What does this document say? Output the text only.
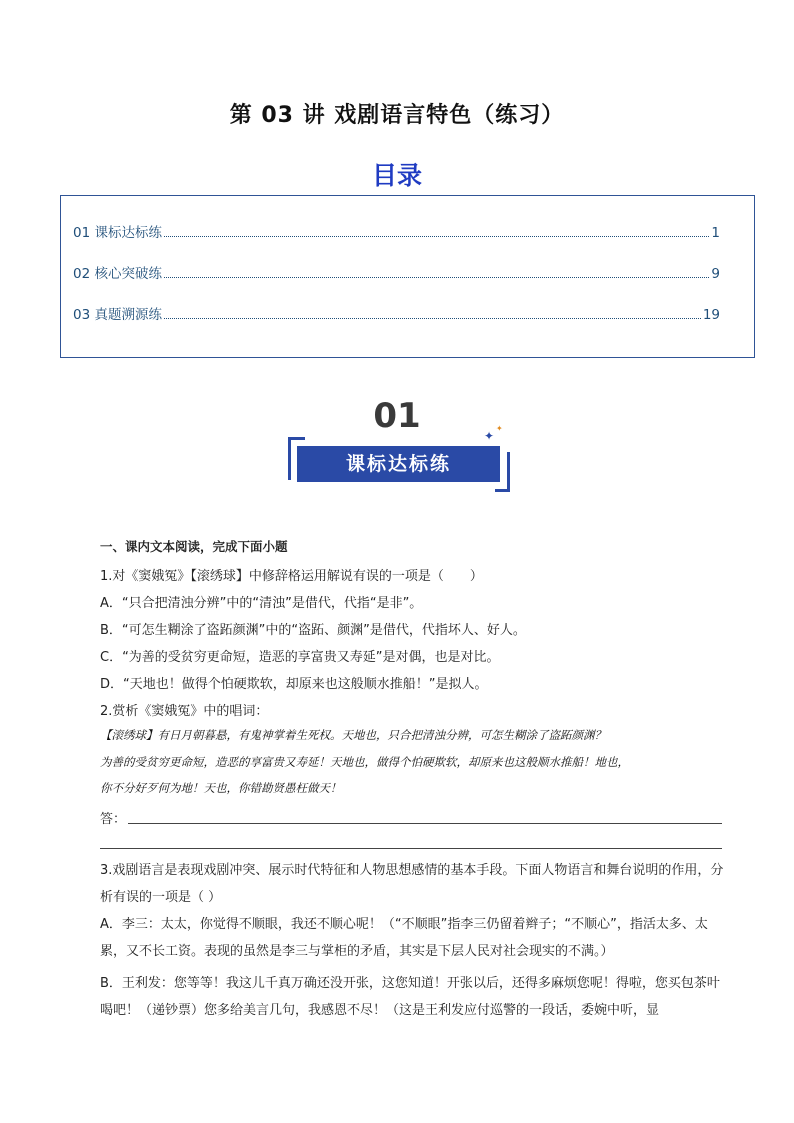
第 03 讲 戏剧语言特色（练习）
目录
01 课标达标练	1
02 核心突破练	9
03 真题溯源练	19
01	✦
✦
课标达标练
一、课内文本阅读，完成下面小题
1.对《窦娥冤》【滚绣球】中修辞格运用解说有误的一项是（　　）
A．“只合把清浊分辨”中的“清浊”是借代，代指“是非”。
B．“可怎生糊涂了盗跖颜渊”中的“盗跖、颜渊”是借代，代指坏人、好人。
C．“为善的受贫穷更命短，造恶的享富贵又寿延”是对偶，也是对比。
D．“天地也！做得个怕硬欺软，却原来也这般顺水推船！”是拟人。
2.赏析《窦娥冤》中的唱词：
【滚绣球】有日月朝暮悬，有鬼神掌着生死权。天地也，只合把清浊分辨，可怎生糊涂了盗跖颜渊？
为善的受贫穷更命短，造恶的享富贵又寿延！天地也，做得个怕硬欺软，却原来也这般顺水推船！地也，
你不分好歹何为地！天也，你错勘贤愚枉做天！
答：
3.戏剧语言是表现戏剧冲突、展示时代特征和人物思想感情的基本手段。下面人物语言和舞台说明的作用，分析有误的一项是（ ）
A．李三：太太，你觉得不顺眼，我还不顺心呢！（“不顺眼”指李三仍留着辫子；“不顺心”，指活太多、太累，又不长工资。表现的虽然是李三与掌柜的矛盾，其实是下层人民对社会现实的不满。）
B．王利发：您等等！我这儿千真万确还没开张，这您知道！开张以后，还得多麻烦您呢！得啦，您买包茶叶喝吧！（递钞票）您多给美言几句，我感恩不尽！（这是王利发应付巡警的一段话，委婉中听，显
